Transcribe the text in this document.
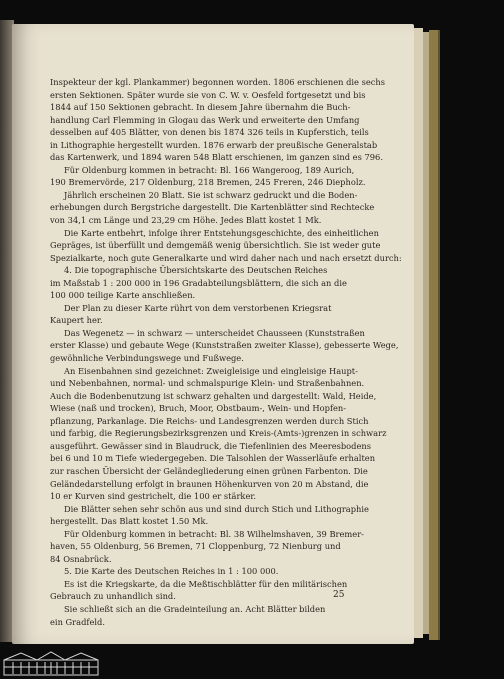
Inspekteur der kgl. Plankammer) begonnen worden. 1806 erschienen die sechs
ersten Sektionen. Später wurde sie von C. W. v. Oesfeld fortgesetzt und bis
1844 auf 150 Sektionen gebracht. In diesem Jahre übernahm die Buch-
handlung Carl Flemming in Glogau das Werk und erweiterte den Umfang
desselben auf 405 Blätter, von denen bis 1874 326 teils in Kupferstich, teils
in Lithographie hergestellt wurden. 1876 erwarb der preußische Generalstab
das Kartenwerk, und 1894 waren 548 Blatt erschienen, im ganzen sind es 796.
Für Oldenburg kommen in betracht: Bl. 166 Wangeroog, 189 Aurich,
190 Bremervörde, 217 Oldenburg, 218 Bremen, 245 Freren, 246 Diepholz.
Jährlich erscheinen 20 Blatt. Sie ist schwarz gedruckt und die Boden-
erhebungen durch Bergstriche dargestellt. Die Kartenblätter sind Rechtecke
von 34,1 cm Länge und 23,29 cm Höhe. Jedes Blatt kostet 1 Mk.
Die Karte entbehrt, infolge ihrer Entstehungsgeschichte, des einheitlichen
Gepräges, ist überfüllt und demgemäß wenig übersichtlich. Sie ist weder gute
Spezialkarte, noch gute Generalkarte und wird daher nach und nach ersetzt durch:
4. Die topographische Übersichtskarte des Deutschen Reiches
im Maßstab 1 : 200 000 in 196 Gradabteilungsblättern, die sich an die
100 000 teilige Karte anschließen.
Der Plan zu dieser Karte rührt von dem verstorbenen Kriegsrat
Kaupert her.
Das Wegenetz — in schwarz — unterscheidet Chausseen (Kunststraßen
erster Klasse) und gebaute Wege (Kunststraßen zweiter Klasse), gebesserte Wege,
gewöhnliche Verbindungswege und Fußwege.
An Eisenbahnen sind gezeichnet: Zweigleisige und eingleisige Haupt-
und Nebenbahnen, normal- und schmalspurige Klein- und Straßenbahnen.
Auch die Bodenbenutzung ist schwarz gehalten und dargestellt: Wald, Heide,
Wiese (naß und trocken), Bruch, Moor, Obstbaum-, Wein- und Hopfen-
pflanzung, Parkanlage. Die Reichs- und Landesgrenzen werden durch Stich
und farbig, die Regierungsbezirksgrenzen und Kreis-(Amts-)grenzen in schwarz
ausgeführt. Gewässer sind in Blaudruck, die Tiefenlinien des Meeresbodens
bei 6 und 10 m Tiefe wiedergegeben. Die Talsohlen der Wasserläufe erhalten
zur raschen Übersicht der Geländegliederung einen grünen Farbenton. Die
Geländedarstellung erfolgt in braunen Höhenkurven von 20 m Abstand, die
10 er Kurven sind gestrichelt, die 100 er stärker.
Die Blätter sehen sehr schön aus und sind durch Stich und Lithographie
hergestellt. Das Blatt kostet 1.50 Mk.
Für Oldenburg kommen in betracht: Bl. 38 Wilhelmshaven, 39 Bremer-
haven, 55 Oldenburg, 56 Bremen, 71 Cloppenburg, 72 Nienburg und
84 Osnabrück.
5. Die Karte des Deutschen Reiches in 1 : 100 000.
Es ist die Kriegskarte, da die Meßtischblätter für den militärischen
Gebrauch zu unhandlich sind.
Sie schließt sich an die Gradeinteilung an. Acht Blätter bilden
ein Gradfeld.
25
